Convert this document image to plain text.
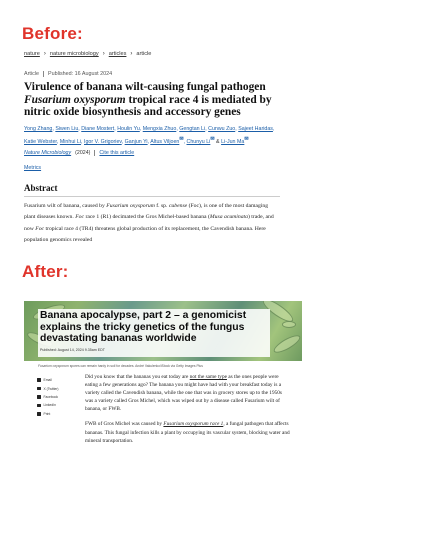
Before:
nature › nature microbiology › articles › article
Article Published: 16 August 2024
Virulence of banana wilt-causing fungal pathogen
Fusarium oxysporum tropical race 4 is mediated by
nitric oxide biosynthesis and accessory genes
Yong Zhang, Siwen Liu, Diane Mostert, Houlin Yu, Mengxia Zhuo, Gengtan Li, Cunwu Zuo, Sajeet Haridas,
Katie Webster, Minhui Li, Igor V. Grigoriev, Ganjun Yi, Altus Viljoen✉, Chunyu Li✉ & Li-Jun Ma✉
Nature Microbiology (2024) Cite this article
Metrics
Abstract
Fusarium wilt of banana, caused by Fusarium oxysporum f. sp. cubense (Foc), is one of the most damaging plant diseases known. Foc race 1 (R1) decimated the Gros Michel-based banana (Musa acuminata) trade, and now Foc tropical race 4 (TR4) threatens global production of its replacement, the Cavendish banana. Here population genomics revealed
After:
Banana apocalypse, part 2 – a genomicist explains the tricky genetics of the fungus devastating bananas worldwide
Published: August 14, 2024 9.35am EDT
Fusarium oxysporum spores can remain hardy in soil for decades. André Vakulenko/iStock via Getty Images Plus
Email
X (Twitter)
Facebook
LinkedIn
Print

Did you know that the bananas you eat today are not the same type as the ones people were eating a few generations ago? The banana you might have had with your breakfast today is a variety called the Cavendish banana, while the one that was in grocery stores up to the 1950s was a variety called Gros Michel, which was wiped out by a disease called Fusarium wilt of banana, or FWB.

FWB of Gros Michel was caused by Fusarium oxysporum race 1, a fungal pathogen that affects bananas. This fungal infection kills a plant by occupying its vascular system, blocking water and mineral transportation.
